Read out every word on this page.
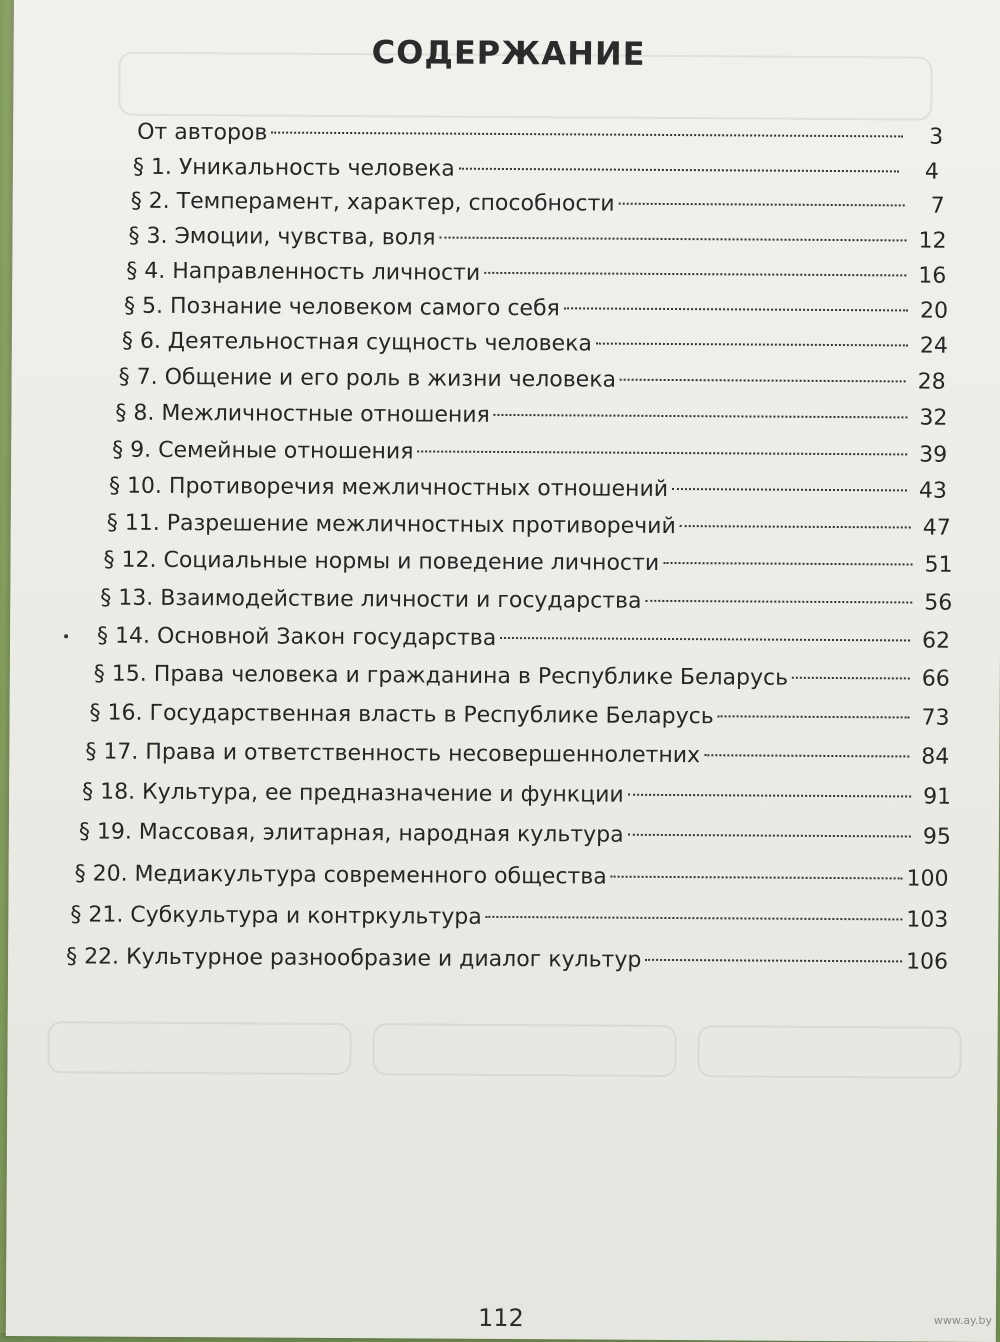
СОДЕРЖАНИЕ
От авторов	3
§ 1. Уникальность человека	4
§ 2. Темперамент, характер, способности	7
§ 3. Эмоции, чувства, воля	12
§ 4. Направленность личности	16
§ 5. Познание человеком самого себя	20
§ 6. Деятельностная сущность человека	24
§ 7. Общение и его роль в жизни человека	28
§ 8. Межличностные отношения	32
§ 9. Семейные отношения	39
§ 10. Противоречия межличностных отношений	43
§ 11. Разрешение межличностных противоречий	47
§ 12. Социальные нормы и поведение личности	51
§ 13. Взаимодействие личности и государства	56
§ 14. Основной Закон государства	62
§ 15. Права человека и гражданина в Республике Беларусь	66
§ 16. Государственная власть в Республике Беларусь	73
§ 17. Права и ответственность несовершеннолетних	84
§ 18. Культура, ее предназначение и функции	91
§ 19. Массовая, элитарная, народная культура	95
§ 20. Медиакультура современного общества	100
§ 21. Субкультура и контркультура	103
§ 22. Культурное разнообразие и диалог культур	106
112	www.ay.by
